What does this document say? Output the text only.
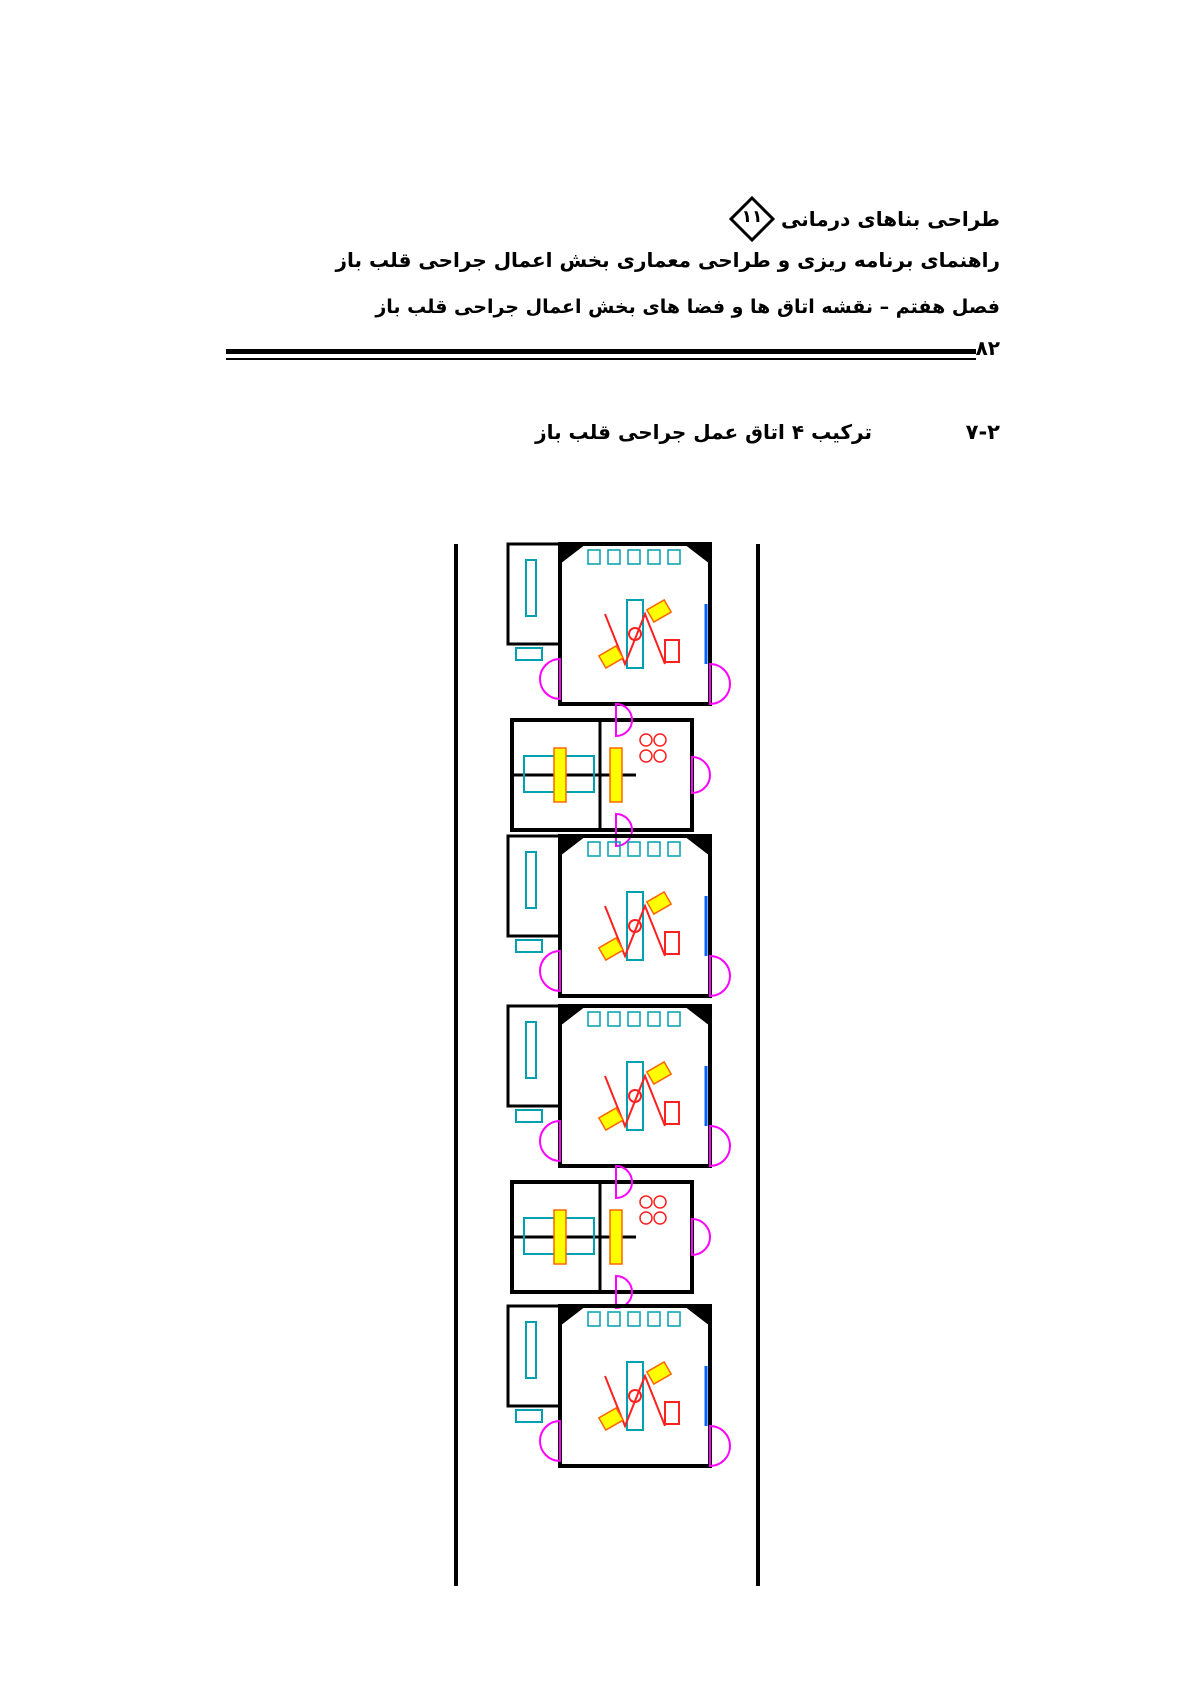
طراحی بناهای درمانی
۱۱
راهنمای برنامه ریزی و طراحی معماری بخش اعمال جراحی قلب باز
فصل هفتم – نقشه اتاق ها و فضا های بخش اعمال جراحی قلب باز
۸۲
۷-۲
ترکیب ۴ اتاق عمل جراحی قلب باز
